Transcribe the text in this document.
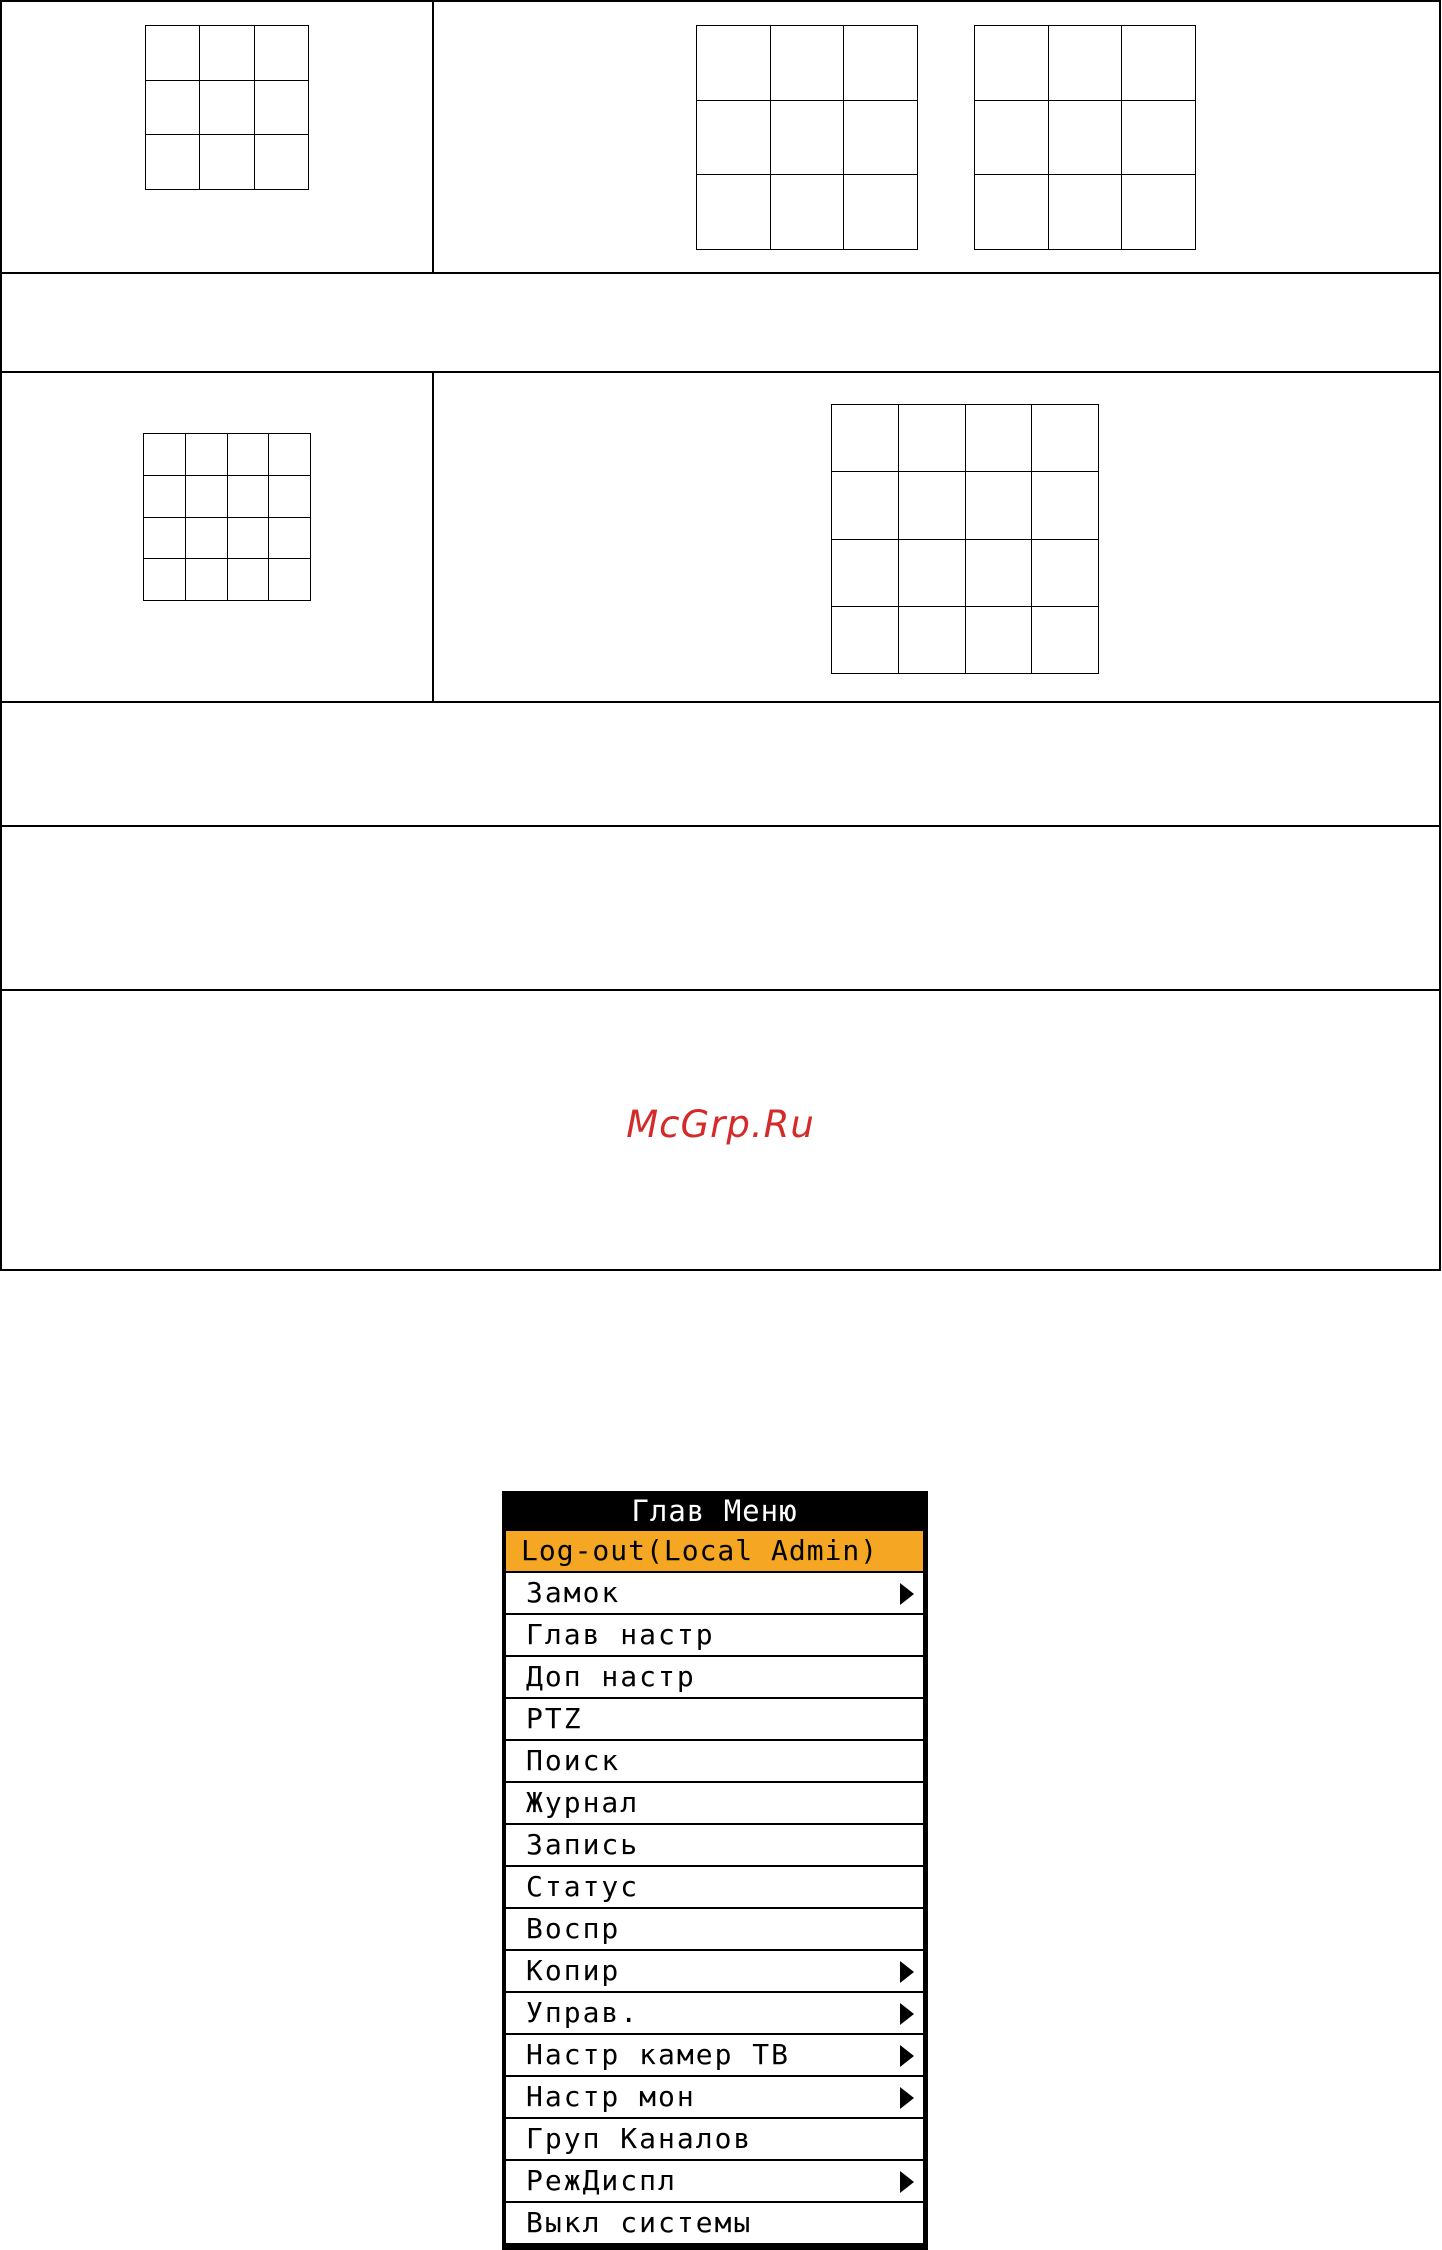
McGrp.Ru
Глав Меню
Log-out(Local Admin)
Замок
Глав настр
Доп настр
PTZ
Поиск
Журнал
Запись
Статус
Воспр
Копир
Управ.
Настр камер ТВ
Настр мон
Груп Каналов
РежДиспл
Выкл системы
